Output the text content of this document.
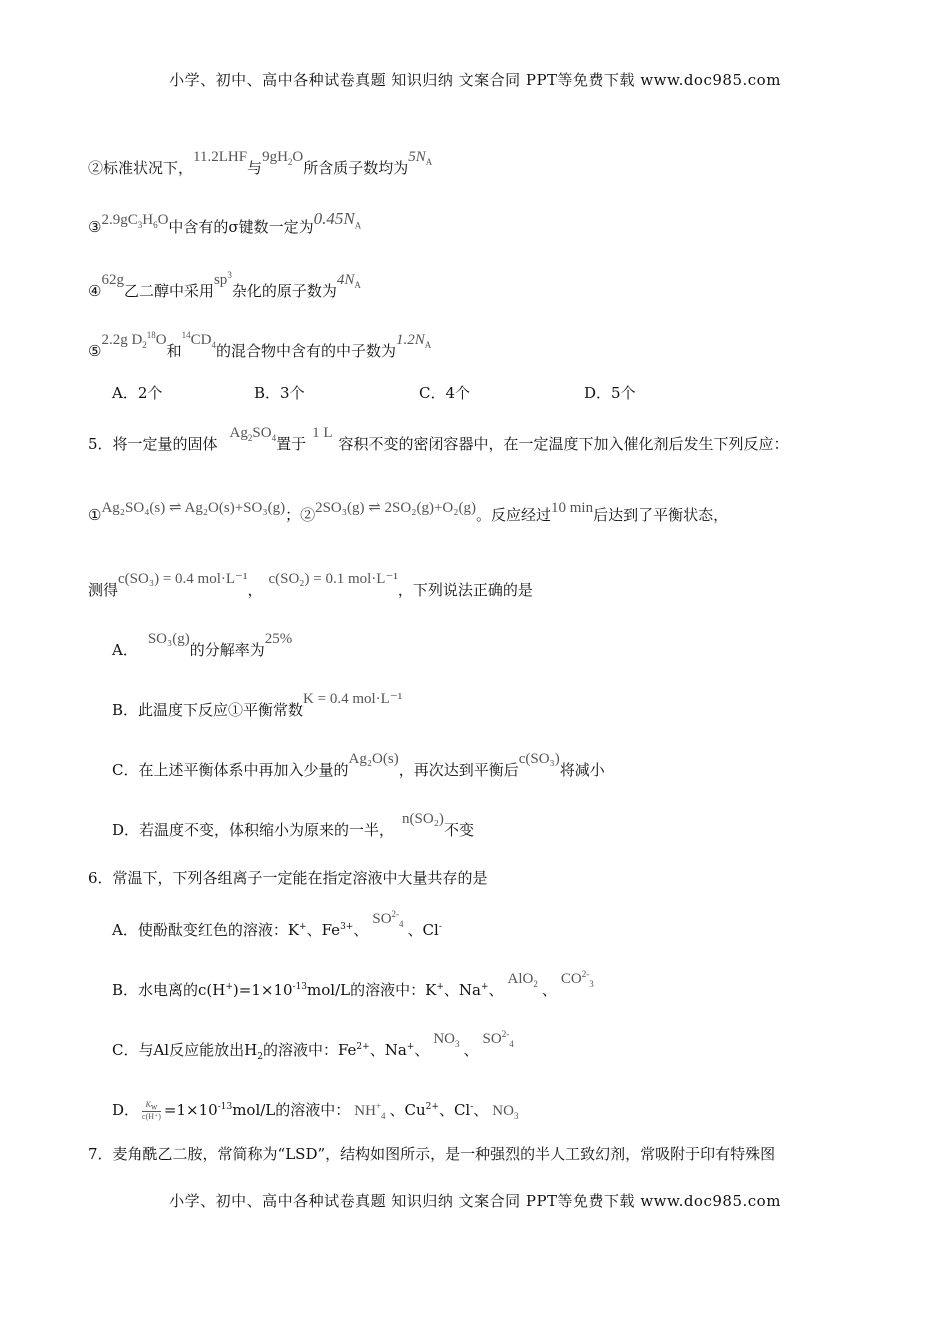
小学、初中、高中各种试卷真题 知识归纳 文案合同 PPT等免费下载 www.doc985.com
②标准状况下，11.2LHF与$9gH_2O$所含质子数均为$5N_A$
$③2.9gC_3H_6O$中含有的σ键数一定为$0.45N_A$
④62g乙二醇中采用$sp^3$杂化的原子数为$4N_A$
⑤2.2g $D_2^{18}O$和$^{14}CD_4$的混合物中含有的中子数为$1.2N_A$
A．2个	B．3个	C．4个	D．5个
5．将一定量的固体$Ag_2SO_4$置于1 L容积不变的密闭容器中，在一定温度下加入催化剂后发生下列反应：
①Ag₂SO₄(s) ⇌ Ag₂O(s)+SO₃(g)；②2SO₃(g) ⇌ 2SO₂(g)+O₂(g)。反应经过10 min后达到了平衡状态，
测得c(SO₃) = 0.4 mol·L⁻¹，c(SO₂) = 0.1 mol·L⁻¹，下列说法正确的是
A．SO₃(g)的分解率为25%
B．此温度下反应①平衡常数K = 0.4 mol·L⁻¹
C．在上述平衡体系中再加入少量的Ag₂O(s)，再次达到平衡后c(SO₃)将减小
D．若温度不变，体积缩小为原来的一半，n(SO₂)不变
6．常温下，下列各组离子一定能在指定溶液中大量共存的是
A．使酚酞变红色的溶液：K+、$Fe^{3+}$、$SO^{2-}_4$ 、Cl-
B．水电离的$c(H^+)=1\times 10^{-13}mol/L$的溶液中：K+、Na+、AlO$_2$ 、$CO^{2-}_3$
C．与Al反应能放出$H_2$的溶液中：$Fe^{2+}$、Na+、$NO_3$ 、$SO^{2-}_4$
D． $\frac{K_w}{c(H^+)} =1\times 10^{-13}mol/L$的溶液中： $NH^+_4$ 、$Cu^{2+}$、Cl-、 $NO_3$
7．麦角酰乙二胺，常简称为“LSD”，结构如图所示，是一种强烈的半人工致幻剂，常吸附于印有特殊图
小学、初中、高中各种试卷真题 知识归纳 文案合同 PPT等免费下载 www.doc985.com
